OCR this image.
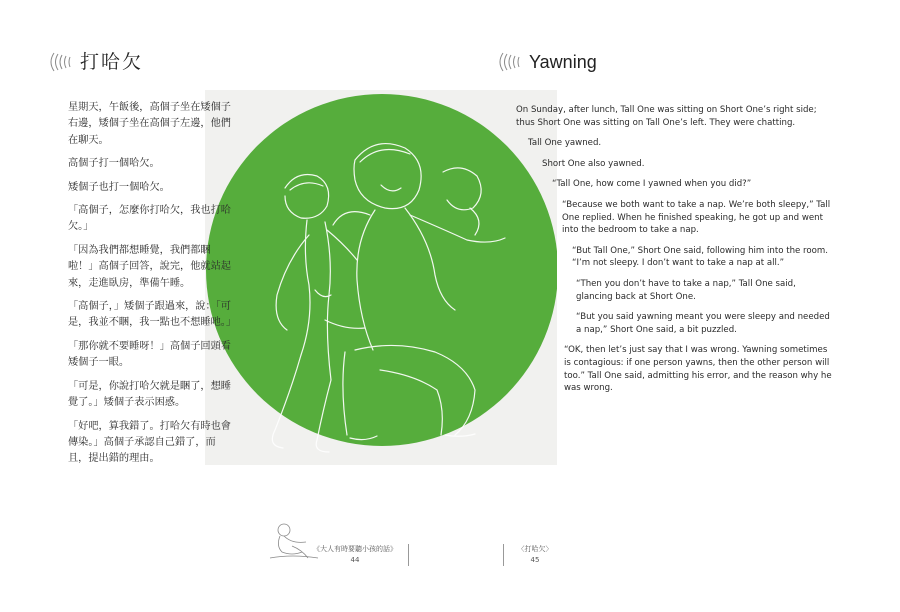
打哈欠	Yawning

星期天，午飯後，高個子坐在矮個子右邊，矮個子坐在高個子左邊，他們在聊天。

高個子打一個哈欠。

矮個子也打一個哈欠。

「高個子，怎麼你打哈欠，我也打哈欠。」

「因為我們都想睡覺，我們都睏啦！」高個子回答，說完，他就站起來，走進臥房，準備午睡。

「高個子，」矮個子跟過來，說：「可是，我並不睏，我一點也不想睡吔。」

「那你就不要睡呀！」高個子回頭看矮個子一眼。

「可是，你說打哈欠就是睏了，想睡覺了。」矮個子表示困惑。

「好吧，算我錯了。打哈欠有時也會傳染。」高個子承認自己錯了，而且，提出錯的理由。

On Sunday, after lunch, Tall One was sitting on Short One’s right side; thus Short One was sitting on Tall One’s left. They were chatting.

Tall One yawned.

Short One also yawned.

“Tall One, how come I yawned when you did?”

“Because we both want to take a nap. We’re both sleepy,” Tall One replied. When he finished speaking, he got up and went into the bedroom to take a nap.

“But Tall One,” Short One said, following him into the room. “I’m not sleepy. I don’t want to take a nap at all.”

“Then you don’t have to take a nap,” Tall One said, glancing back at Short One.

“But you said yawning meant you were sleepy and needed a nap,” Short One said, a bit puzzled.

“OK, then let’s just say that I was wrong. Yawning sometimes is contagious: if one person yawns, then the other person will too.” Tall One said, admitting his error, and the reason why he was wrong.

《大人有時要聽小孩的話》
44
〈打哈欠〉
45
